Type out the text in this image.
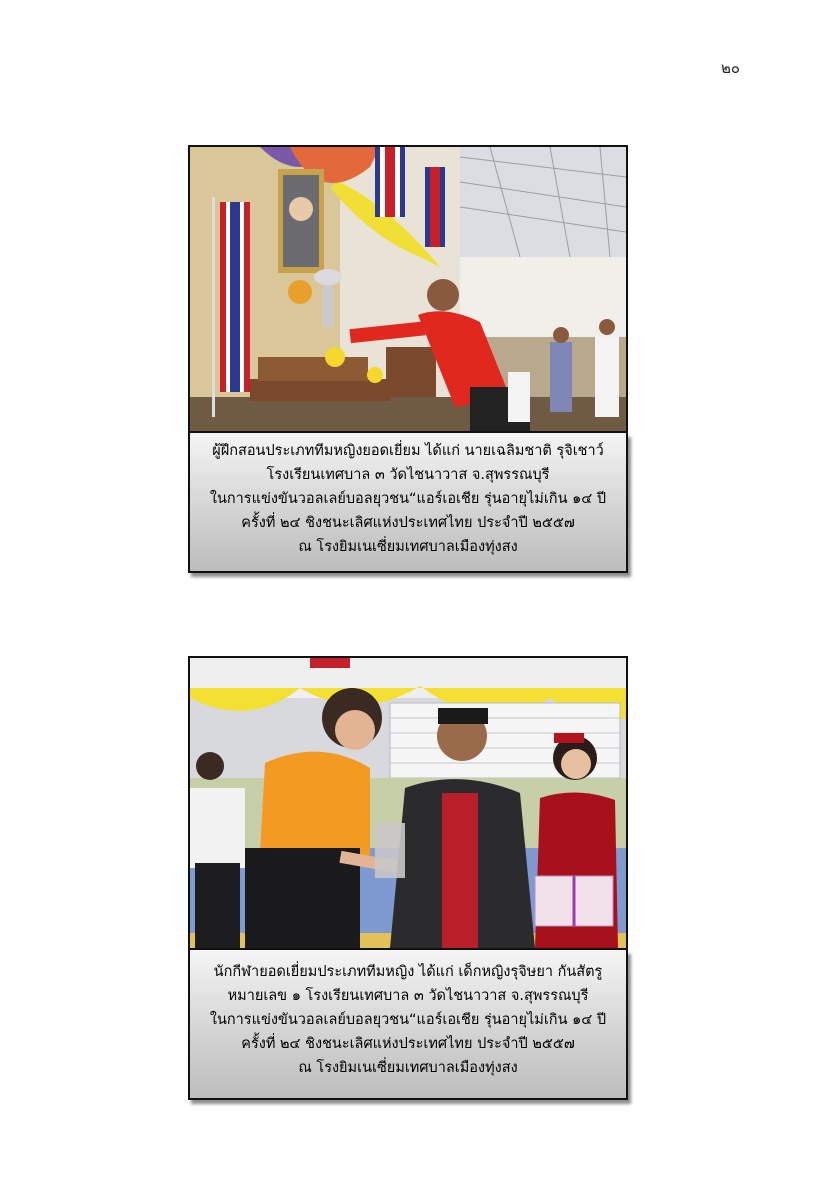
๒๐

ผู้ฝึกสอนประเภททีมหญิงยอดเยี่ยม ได้แก่ นายเฉลิมชาติ รุจิเชาว์

โรงเรียนเทศบาล ๓ วัดไชนาวาส จ.สุพรรณบุรี

ในการแข่งขันวอลเลย์บอลยุวชน“แอร์เอเชีย รุ่นอายุไม่เกิน ๑๔ ปี

ครั้งที่ ๒๔ ชิงชนะเลิศแห่งประเทศไทย ประจำปี ๒๕๕๗

ณ โรงยิมเนเซี่ยมเทศบาลเมืองทุ่งสง

นักกีฬายอดเยี่ยมประเภททีมหญิง ได้แก่ เด็กหญิงรุจิษยา กันสัตรู

หมายเลข ๑ โรงเรียนเทศบาล ๓ วัดไชนาวาส จ.สุพรรณบุรี

ในการแข่งขันวอลเลย์บอลยุวชน“แอร์เอเชีย รุ่นอายุไม่เกิน ๑๔ ปี

ครั้งที่ ๒๔ ชิงชนะเลิศแห่งประเทศไทย ประจำปี ๒๕๕๗

ณ โรงยิมเนเซี่ยมเทศบาลเมืองทุ่งสง
